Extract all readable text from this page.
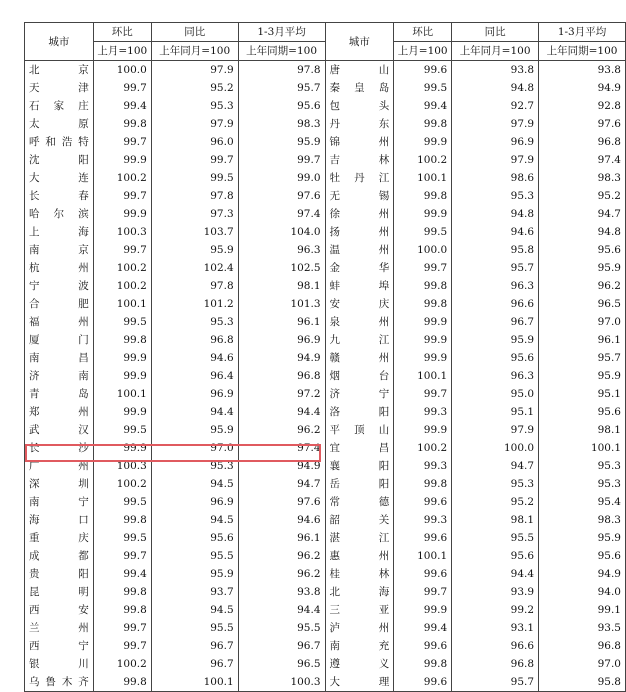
城市	环比	同比	1-3月平均	城市	环比	同比	1-3月平均
	上月=100	上年同月=100	上年同期=100		上月=100	上年同月=100	上年同期=100
北　京	100.0	97.9	97.8	唐　山	99.6	93.8	93.8
天　津	99.7	95.2	95.7	秦皇岛	99.5	94.8	94.9
石家庄	99.4	95.3	95.6	包　头	99.4	92.7	92.8
太　原	99.8	97.9	98.3	丹　东	99.8	97.9	97.6
呼和浩特	99.7	96.0	95.9	锦　州	99.9	96.9	96.8
沈　阳	99.9	99.7	99.7	吉　林	100.2	97.9	97.4
大　连	100.2	99.5	99.0	牡丹江	100.1	98.6	98.3
长　春	99.7	97.8	97.6	无　锡	99.8	95.3	95.2
哈尔滨	99.9	97.3	97.4	徐　州	99.9	94.8	94.7
上　海	100.3	103.7	104.0	扬　州	99.5	94.6	94.8
南　京	99.7	95.9	96.3	温　州	100.0	95.8	95.6
杭　州	100.2	102.4	102.5	金　华	99.7	95.7	95.9
宁　波	100.2	97.8	98.1	蚌　埠	99.8	96.3	96.2
合　肥	100.1	101.2	101.3	安　庆	99.8	96.6	96.5
福　州	99.5	95.3	96.1	泉　州	99.9	96.7	97.0
厦　门	99.8	96.8	96.9	九　江	99.9	95.9	96.1
南　昌	99.9	94.6	94.9	赣　州	99.9	95.6	95.7
济　南	99.9	96.4	96.8	烟　台	100.1	96.3	95.9
青　岛	100.1	96.9	97.2	济　宁	99.7	95.0	95.1
郑　州	99.9	94.4	94.4	洛　阳	99.3	95.1	95.6
武　汉	99.5	95.9	96.2	平顶山	99.9	97.9	98.1
长　沙	99.9	97.0	97.4	宜　昌	100.2	100.0	100.1
广　州	100.3	95.3	94.9	襄　阳	99.3	94.7	95.3
深　圳	100.2	94.5	94.7	岳　阳	99.8	95.3	95.3
南　宁	99.5	96.9	97.6	常　德	99.6	95.2	95.4
海　口	99.8	94.5	94.6	韶　关	99.3	98.1	98.3
重　庆	99.5	95.6	96.1	湛　江	99.6	95.5	95.9
成　都	99.7	95.5	96.2	惠　州	100.1	95.6	95.6
贵　阳	99.4	95.9	96.2	桂　林	99.6	94.4	94.9
昆　明	99.8	93.7	93.8	北　海	99.7	93.9	94.0
西　安	99.8	94.5	94.4	三　亚	99.9	99.2	99.1
兰　州	99.7	95.5	95.5	泸　州	99.4	93.1	93.5
西　宁	99.7	96.7	96.7	南　充	99.6	96.6	96.8
银　川	100.2	96.7	96.5	遵　义	99.8	96.8	97.0
乌鲁木齐	99.8	100.1	100.3	大　理	99.6	95.7	95.8
